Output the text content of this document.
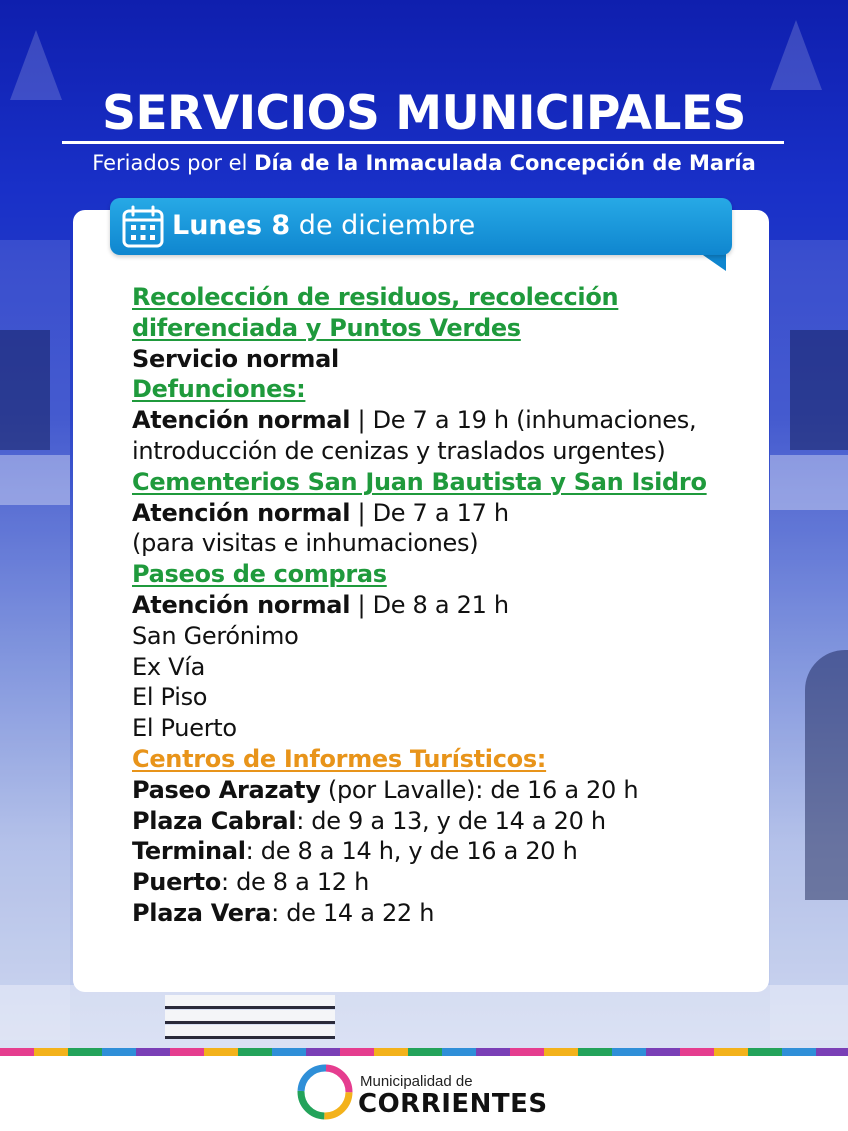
SERVICIOS MUNICIPALES
Feriados por el Día de la Inmaculada Concepción de María
Lunes 8 de diciembre
Recolección de residuos, recolección
diferenciada y Puntos Verdes
Servicio normal
Defunciones:
Atención normal | De 7 a 19 h (inhumaciones,
introducción de cenizas y traslados urgentes)
Cementerios San Juan Bautista y San Isidro
Atención normal | De 7 a 17 h
(para visitas e inhumaciones)
Paseos de compras
Atención normal | De 8 a 21 h
San Gerónimo
Ex Vía
El Piso
El Puerto
Centros de Informes Turísticos:
Paseo Arazaty (por Lavalle): de 16 a 20 h
Plaza Cabral: de 9 a 13, y de 14 a 20 h
Terminal: de 8 a 14 h, y de 16 a 20 h
Puerto: de 8 a 12 h
Plaza Vera: de 14 a 22 h
Municipalidad de
CORRIENTES
